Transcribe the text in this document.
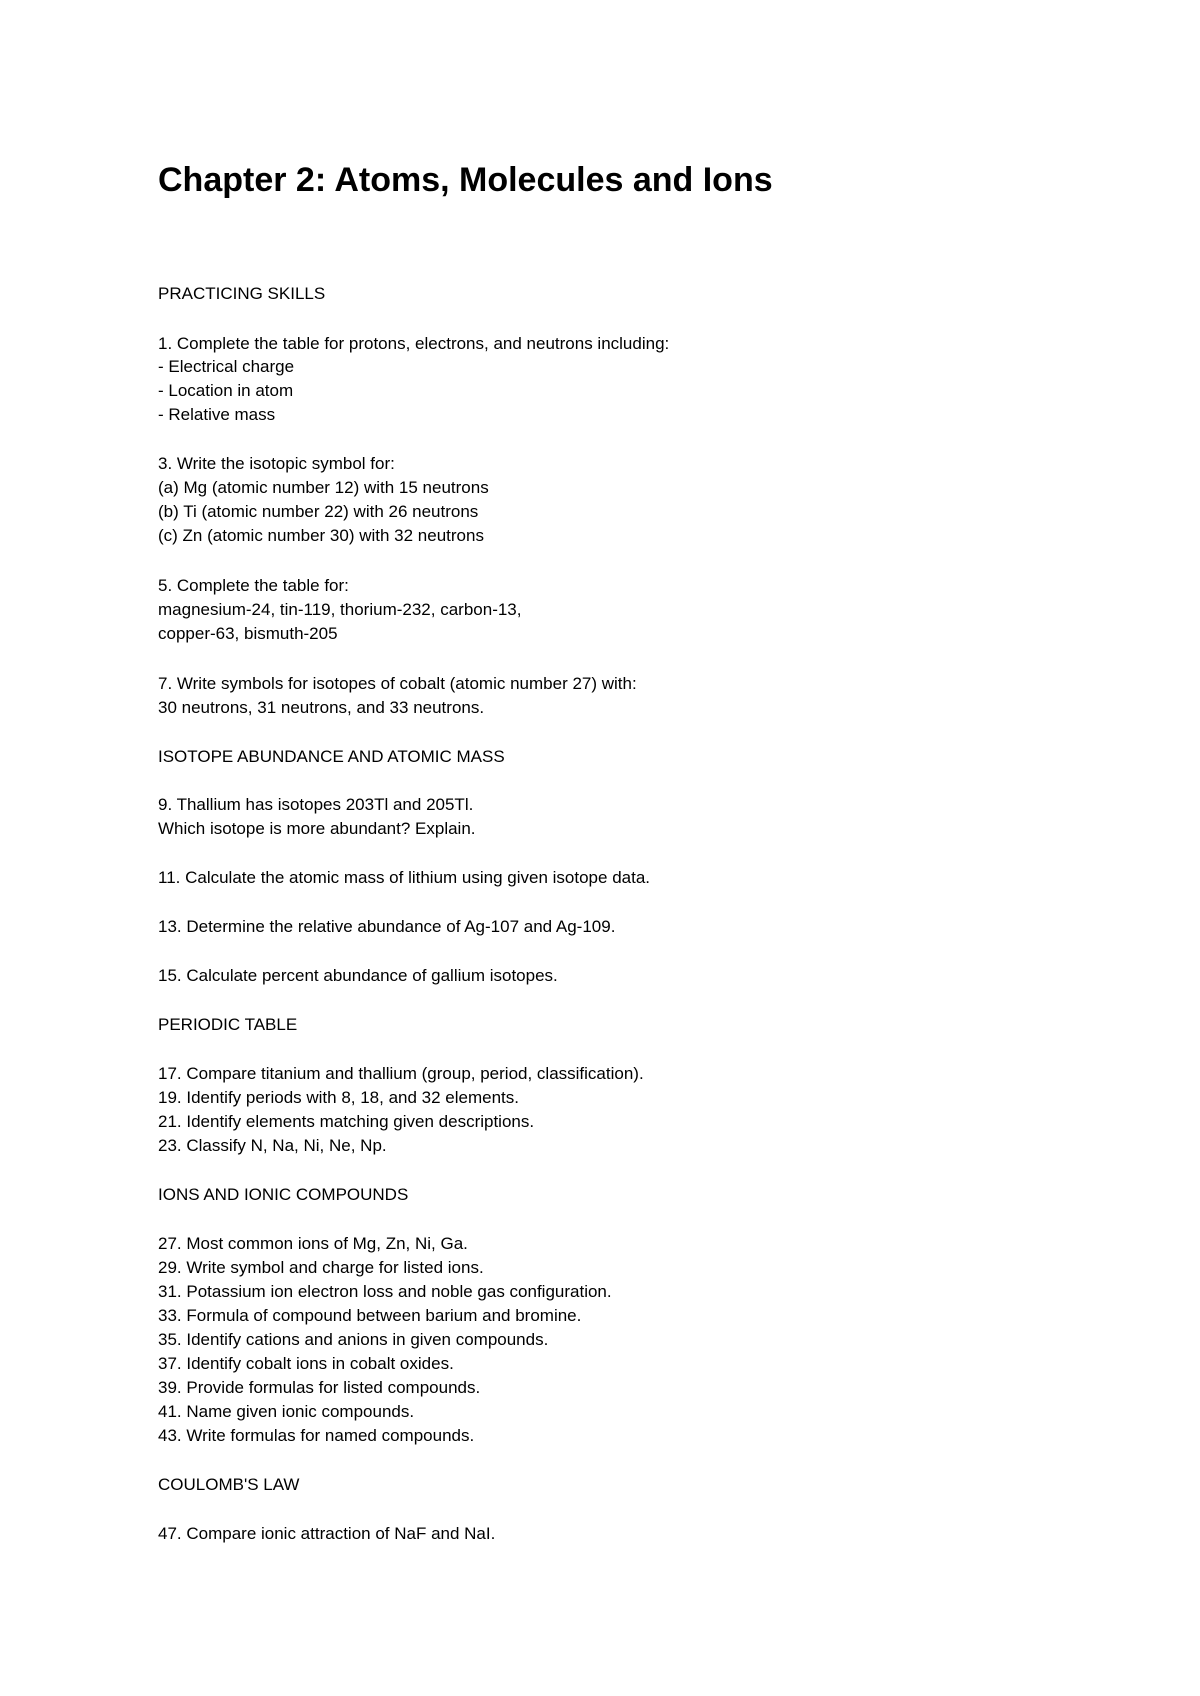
Chapter 2: Atoms, Molecules and Ions
PRACTICING SKILLS
1. Complete the table for protons, electrons, and neutrons including:
- Electrical charge
- Location in atom
- Relative mass
3. Write the isotopic symbol for:
(a) Mg (atomic number 12) with 15 neutrons
(b) Ti (atomic number 22) with 26 neutrons
(c) Zn (atomic number 30) with 32 neutrons
5. Complete the table for:
magnesium-24, tin-119, thorium-232, carbon-13,
copper-63, bismuth-205
7. Write symbols for isotopes of cobalt (atomic number 27) with:
30 neutrons, 31 neutrons, and 33 neutrons.
ISOTOPE ABUNDANCE AND ATOMIC MASS
9. Thallium has isotopes 203Tl and 205Tl.
Which isotope is more abundant? Explain.
11. Calculate the atomic mass of lithium using given isotope data.
13. Determine the relative abundance of Ag-107 and Ag-109.
15. Calculate percent abundance of gallium isotopes.
PERIODIC TABLE
17. Compare titanium and thallium (group, period, classification).
19. Identify periods with 8, 18, and 32 elements.
21. Identify elements matching given descriptions.
23. Classify N, Na, Ni, Ne, Np.
IONS AND IONIC COMPOUNDS
27. Most common ions of Mg, Zn, Ni, Ga.
29. Write symbol and charge for listed ions.
31. Potassium ion electron loss and noble gas configuration.
33. Formula of compound between barium and bromine.
35. Identify cations and anions in given compounds.
37. Identify cobalt ions in cobalt oxides.
39. Provide formulas for listed compounds.
41. Name given ionic compounds.
43. Write formulas for named compounds.
COULOMB'S LAW
47. Compare ionic attraction of NaF and NaI.
